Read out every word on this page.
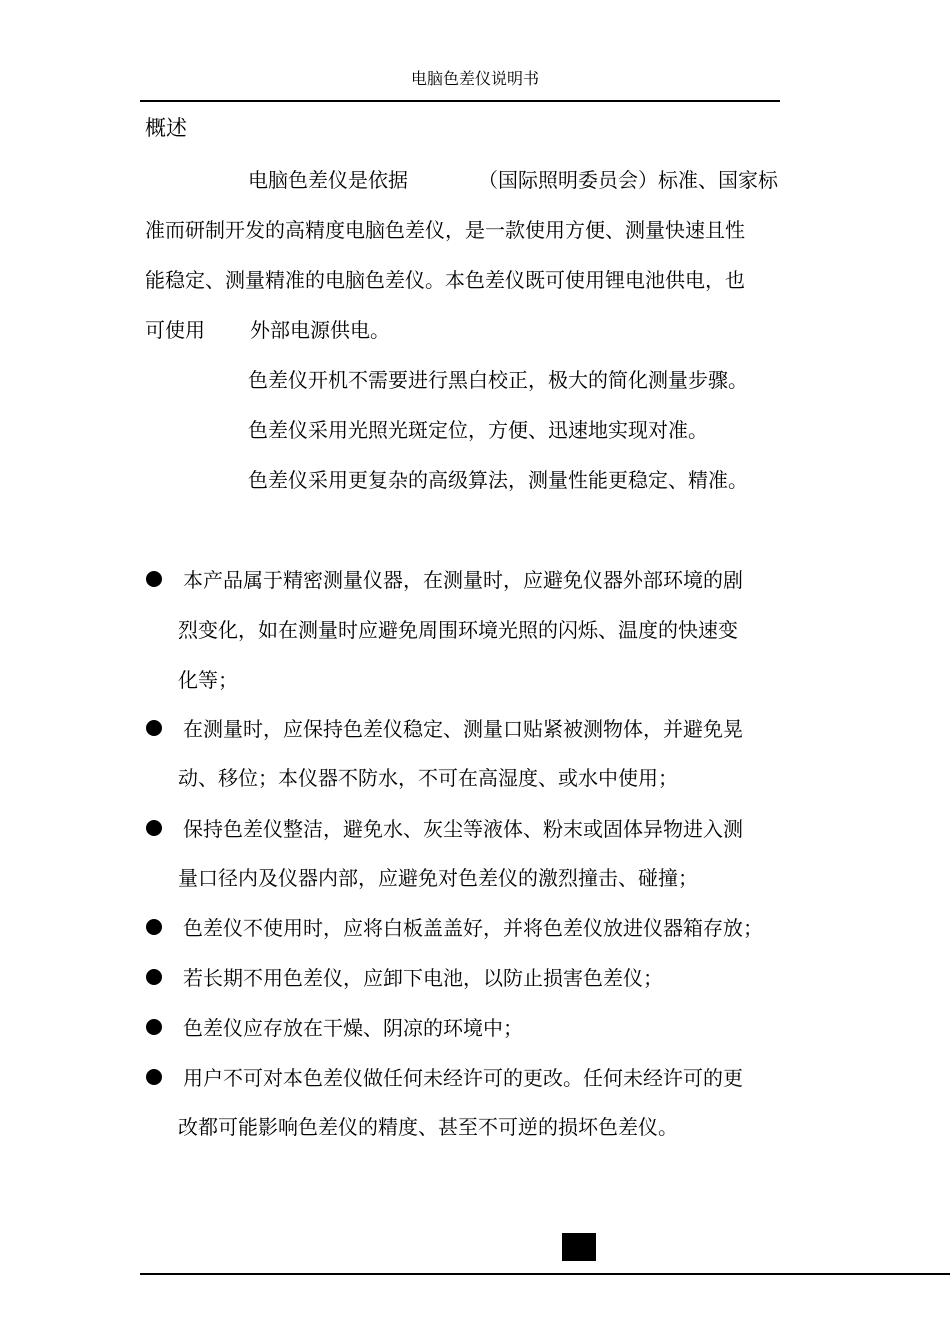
电脑色差仪说明书
概述
电脑色差仪是依据	（国际照明委员会）标准、国家标
准而研制开发的高精度电脑色差仪，是一款使用方便、测量快速且性
能稳定、测量精准的电脑色差仪。本色差仪既可使用锂电池供电，也
可使用 外部电源供电。
色差仪开机不需要进行黑白校正，极大的简化测量步骤。
色差仪采用光照光斑定位，方便、迅速地实现对准。
色差仪采用更复杂的高级算法，测量性能更稳定、精准。
本产品属于精密测量仪器，在测量时，应避免仪器外部环境的剧
烈变化，如在测量时应避免周围环境光照的闪烁、温度的快速变
化等；
在测量时，应保持色差仪稳定、测量口贴紧被测物体，并避免晃
动、移位；本仪器不防水，不可在高湿度、或水中使用；
保持色差仪整洁，避免水、灰尘等液体、粉末或固体异物进入测
量口径内及仪器内部，应避免对色差仪的激烈撞击、碰撞；
色差仪不使用时，应将白板盖盖好，并将色差仪放进仪器箱存放；
若长期不用色差仪，应卸下电池，以防止损害色差仪；
色差仪应存放在干燥、阴凉的环境中；
用户不可对本色差仪做任何未经许可的更改。任何未经许可的更
改都可能影响色差仪的精度、甚至不可逆的损坏色差仪。
